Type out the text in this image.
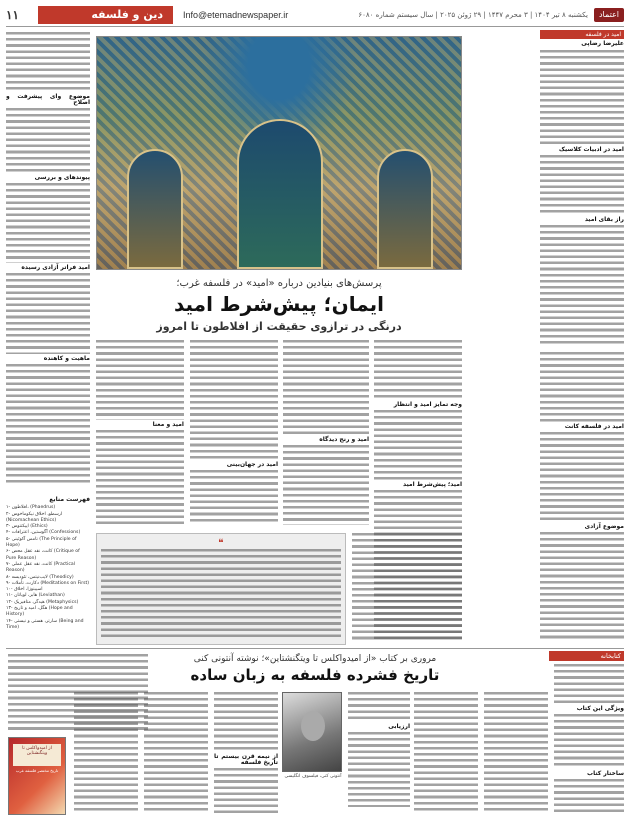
۱۱	دین و فلسفه	Info@etemadnewspaper.ir	یکشنبه ۸ تیر ۱۴۰۴ | ۳ محرم ۱۴۴۷ | ۲۹ ژوئن ۲۰۲۵ | سال سیستم شماره ۶۰۸۰	اعتماد
امید در فلسفه
علیرضا رضاپی
امید در ادبیات کلاسیک
راز بقای امید
امید در فلسفه کانت
موضوع آزادی
موضوع و‌ای پیشرفت و اصلاح
پیوندهای و بررسی
امید فراتر آزادی رسیده
ماهیت و کاهنده
فهرست منابع
۱- افلاطون، (Phaedrus)
۲- ارسطو، اخلاق نیکوماخوس (Nicomachean Ethics)
۳- اپیکتتوس (Ethics)
۴- آگوستین، اعترافات (Confessions)
۵- تامس آکوئینی (The Principle of Hope)
۶- کانت، نقد عقل محض (Critique of Pure Reason)
۷- کانت، نقد عقل عملی (Practical Reason)
۸- لایب‌نیتس، تئودیسه (Theodicy)
۹- دکارت، تأملات (Meditations on First)
۱۰- اسپینوزا، اخلاق
۱۱- هابز، لویاتان (Leviathan)
۱۲- هیدگر، متافیزیک (Metaphysics)
۱۳- هگل، امید و تاریخ (Hope and History)
۱۴- سارتر، هستی و نیستی (Being and Time)
پرسش‌های بنیادین درباره «امید» در فلسفه غرب؛
ایمان؛ پیش‌شرط امید
درنگی در ترازوی حقیقت از افلاطون تا امروز
وجه تمایز امید و انتظار
امید؛ پیش‌شرط امید
امید و رنج دیدگاه
امید در جهان‌بینی
امید و معنا
❝
کتابخانه
مروری بر کتاب «از امیدواکلس تا ویتگنشتاین»؛ نوشته آنتونی کنی
تاریخ فشرده فلسفه به زبان ساده
ویژگی این کتاب
ساختار کتاب
ارزیابی
آنتونی کنی، فیلسوف انگلیسی
از نیمه قرن بیستم تا تاریخ فلسفه
از امیدواکلس تا ویتگنشتاین
تاریخ مختصر فلسفه غرب
